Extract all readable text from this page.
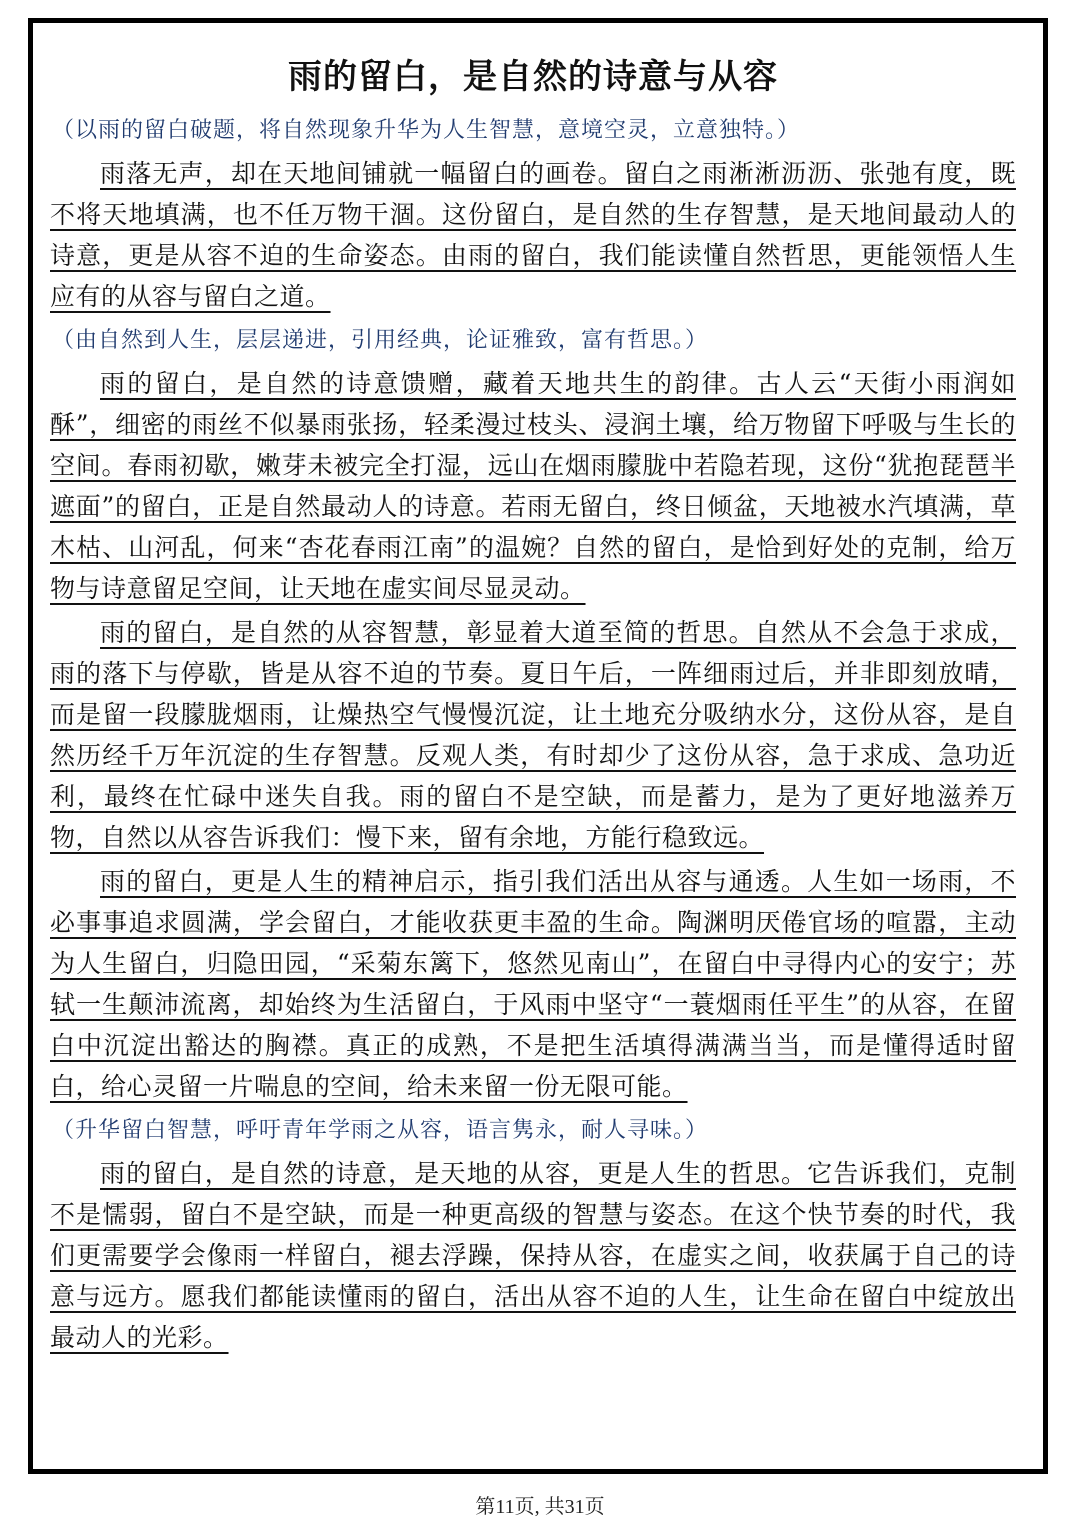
雨的留白，是自然的诗意与从容

（以雨的留白破题，将自然现象升华为人生智慧，意境空灵，立意独特。）

雨落无声，却在天地间铺就一幅留白的画卷。留白之雨淅淅沥沥、张弛有度，既不将天地填满，也不任万物干涸。这份留白，是自然的生存智慧，是天地间最动人的诗意，更是从容不迫的生命姿态。由雨的留白，我们能读懂自然哲思，更能领悟人生应有的从容与留白之道。

（由自然到人生，层层递进，引用经典，论证雅致，富有哲思。）

雨的留白，是自然的诗意馈赠，藏着天地共生的韵律。古人云“天街小雨润如酥”，细密的雨丝不似暴雨张扬，轻柔漫过枝头、浸润土壤，给万物留下呼吸与生长的空间。春雨初歇，嫩芽未被完全打湿，远山在烟雨朦胧中若隐若现，这份“犹抱琵琶半遮面”的留白，正是自然最动人的诗意。若雨无留白，终日倾盆，天地被水汽填满，草木枯、山河乱，何来“杏花春雨江南”的温婉？自然的留白，是恰到好处的克制，给万物与诗意留足空间，让天地在虚实间尽显灵动。

雨的留白，是自然的从容智慧，彰显着大道至简的哲思。自然从不会急于求成，雨的落下与停歇，皆是从容不迫的节奏。夏日午后，一阵细雨过后，并非即刻放晴，而是留一段朦胧烟雨，让燥热空气慢慢沉淀，让土地充分吸纳水分，这份从容，是自然历经千万年沉淀的生存智慧。反观人类，有时却少了这份从容，急于求成、急功近利，最终在忙碌中迷失自我。雨的留白不是空缺，而是蓄力，是为了更好地滋养万物，自然以从容告诉我们：慢下来，留有余地，方能行稳致远。

雨的留白，更是人生的精神启示，指引我们活出从容与通透。人生如一场雨，不必事事追求圆满，学会留白，才能收获更丰盈的生命。陶渊明厌倦官场的喧嚣，主动为人生留白，归隐田园，“采菊东篱下，悠然见南山”，在留白中寻得内心的安宁；苏轼一生颠沛流离，却始终为生活留白，于风雨中坚守“一蓑烟雨任平生”的从容，在留白中沉淀出豁达的胸襟。真正的成熟，不是把生活填得满满当当，而是懂得适时留白，给心灵留一片喘息的空间，给未来留一份无限可能。

（升华留白智慧，呼吁青年学雨之从容，语言隽永，耐人寻味。）

雨的留白，是自然的诗意，是天地的从容，更是人生的哲思。它告诉我们，克制不是懦弱，留白不是空缺，而是一种更高级的智慧与姿态。在这个快节奏的时代，我们更需要学会像雨一样留白，褪去浮躁，保持从容，在虚实之间，收获属于自己的诗意与远方。愿我们都能读懂雨的留白，活出从容不迫的人生，让生命在留白中绽放出最动人的光彩。

第11页, 共31页
